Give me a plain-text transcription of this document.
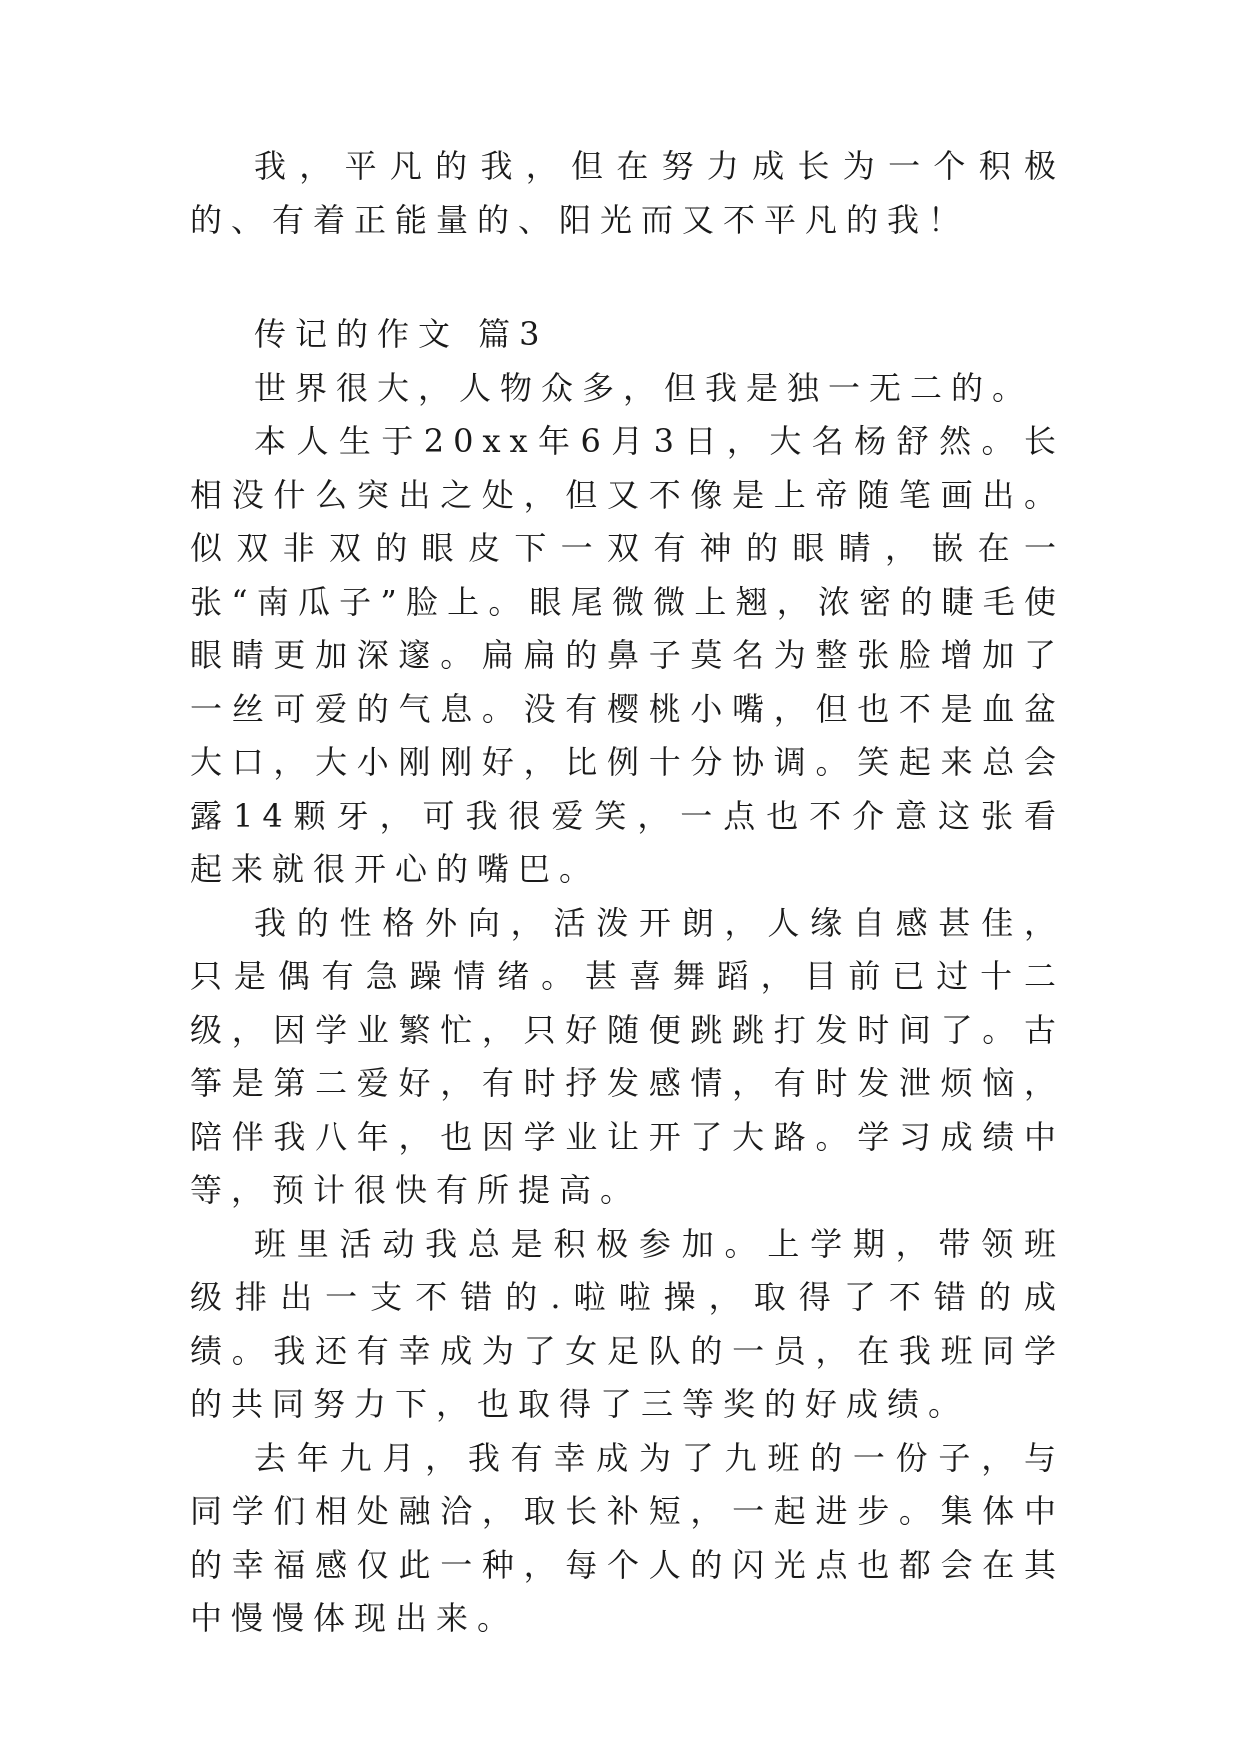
我，平凡的我，但在努力成长为一个积极的、有着正能量的、阳光而又不平凡的我！

传记的作文 篇3

世界很大，人物众多，但我是独一无二的。

本人生于20xx年6月3日，大名杨舒然。长相没什么突出之处，但又不像是上帝随笔画出。似双非双的眼皮下一双有神的眼睛，嵌在一张“南瓜子”脸上。眼尾微微上翘，浓密的睫毛使眼睛更加深邃。扁扁的鼻子莫名为整张脸增加了一丝可爱的气息。没有樱桃小嘴，但也不是血盆大口，大小刚刚好，比例十分协调。笑起来总会露14颗牙，可我很爱笑，一点也不介意这张看起来就很开心的嘴巴。

我的性格外向，活泼开朗，人缘自感甚佳，只是偶有急躁情绪。甚喜舞蹈，目前已过十二级，因学业繁忙，只好随便跳跳打发时间了。古筝是第二爱好，有时抒发感情，有时发泄烦恼，陪伴我八年，也因学业让开了大路。学习成绩中等，预计很快有所提高。

班里活动我总是积极参加。上学期，带领班级排出一支不错的.啦啦操，取得了不错的成绩。我还有幸成为了女足队的一员，在我班同学的共同努力下，也取得了三等奖的好成绩。

去年九月，我有幸成为了九班的一份子，与同学们相处融洽，取长补短，一起进步。集体中的幸福感仅此一种，每个人的闪光点也都会在其中慢慢体现出来。
